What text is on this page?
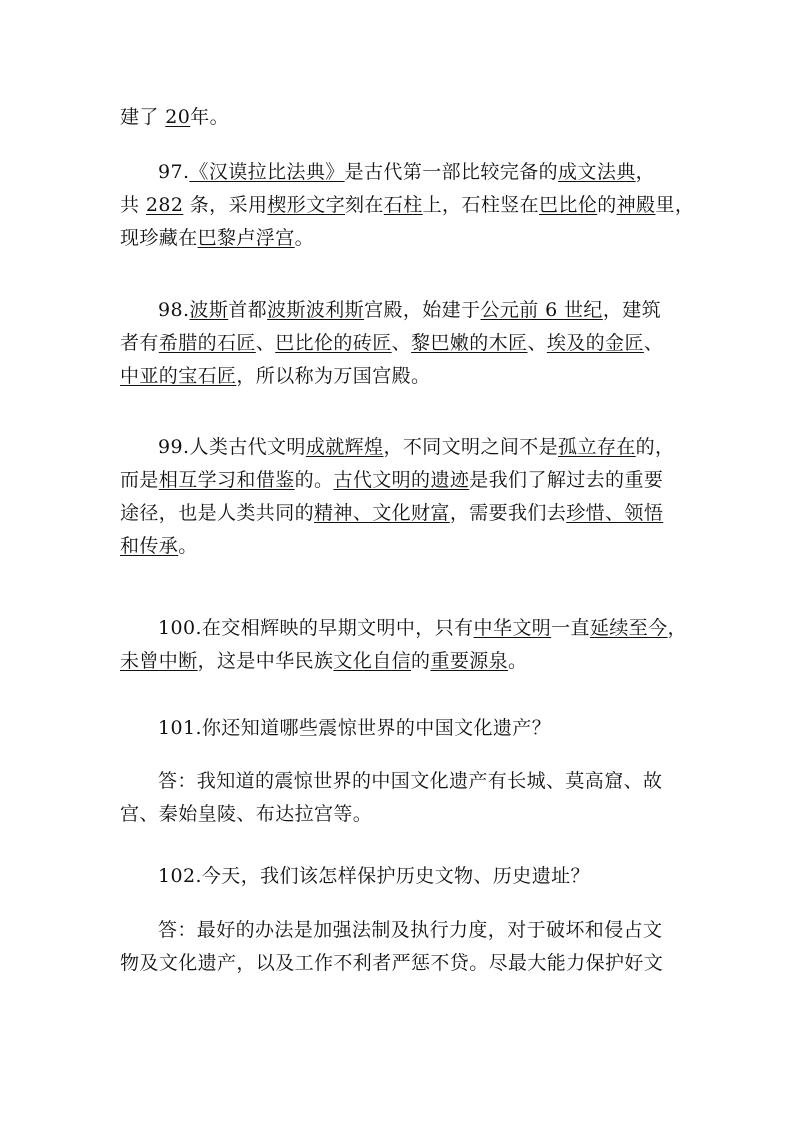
建了 20年。
97.《汉谟拉比法典》是古代第一部比较完备的成文法典，
共 282 条，采用楔形文字刻在石柱上，石柱竖在巴比伦的神殿里，
现珍藏在巴黎卢浮宫。
98.波斯首都波斯波利斯宫殿，始建于公元前 6 世纪，建筑
者有希腊的石匠、巴比伦的砖匠、黎巴嫩的木匠、埃及的金匠、
中亚的宝石匠，所以称为万国宫殿。
99.人类古代文明成就辉煌，不同文明之间不是孤立存在的，
而是相互学习和借鉴的。古代文明的遗迹是我们了解过去的重要
途径，也是人类共同的精神、文化财富，需要我们去珍惜、领悟
和传承。
100.在交相辉映的早期文明中，只有中华文明一直延续至今，
未曾中断，这是中华民族文化自信的重要源泉。
101.你还知道哪些震惊世界的中国文化遗产？
答：我知道的震惊世界的中国文化遗产有长城、莫高窟、故
宫、秦始皇陵、布达拉宫等。
102.今天，我们该怎样保护历史文物、历史遗址？
答：最好的办法是加强法制及执行力度，对于破坏和侵占文
物及文化遗产，以及工作不利者严惩不贷。尽最大能力保护好文
